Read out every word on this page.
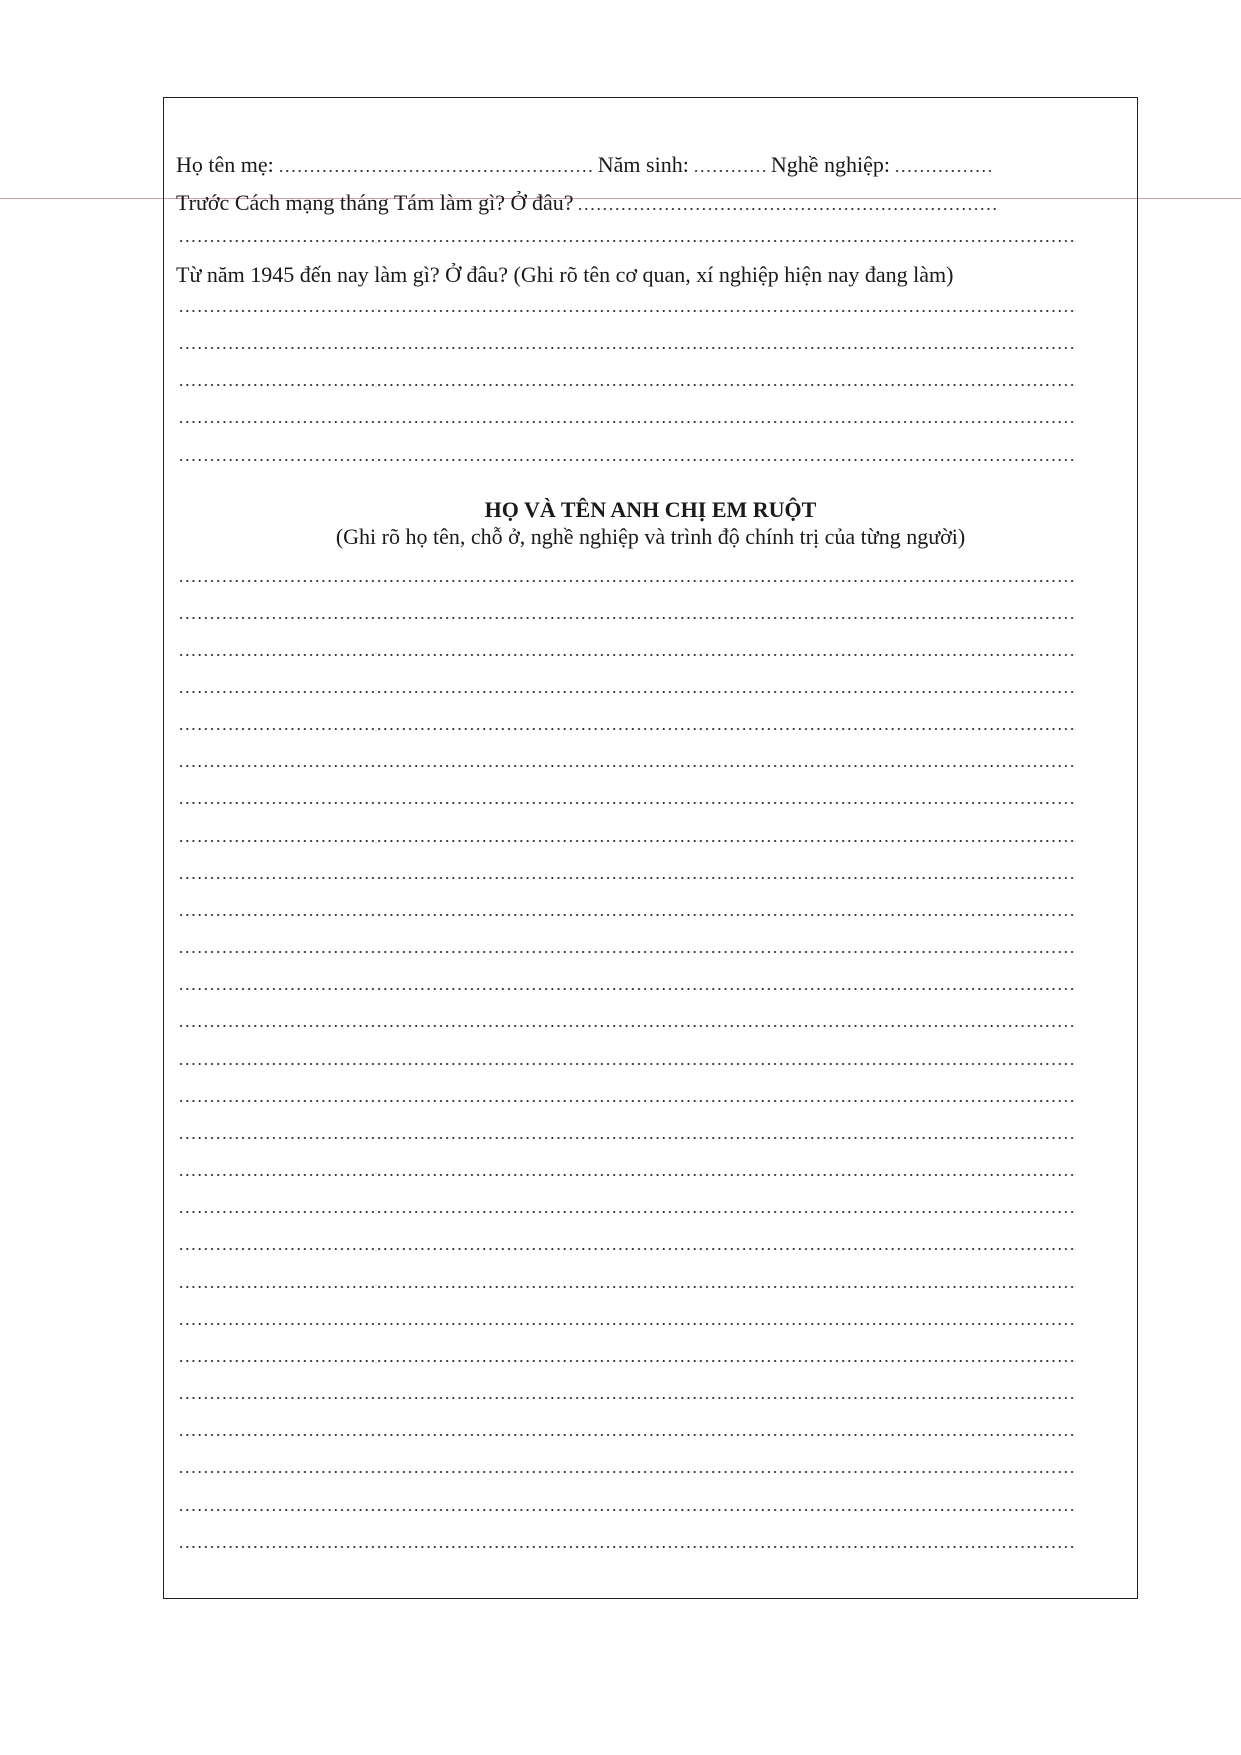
Họ tên mẹ:	Năm sinh:	Nghề nghiệp:
Trước Cách mạng tháng Tám làm gì? Ở đâu?
Từ năm 1945 đến nay làm gì? Ở đâu? (Ghi rõ tên cơ quan, xí nghiệp hiện nay đang làm)
HỌ VÀ TÊN ANH CHỊ EM RUỘT
(Ghi rõ họ tên, chỗ ở, nghề nghiệp và trình độ chính trị của từng người)
